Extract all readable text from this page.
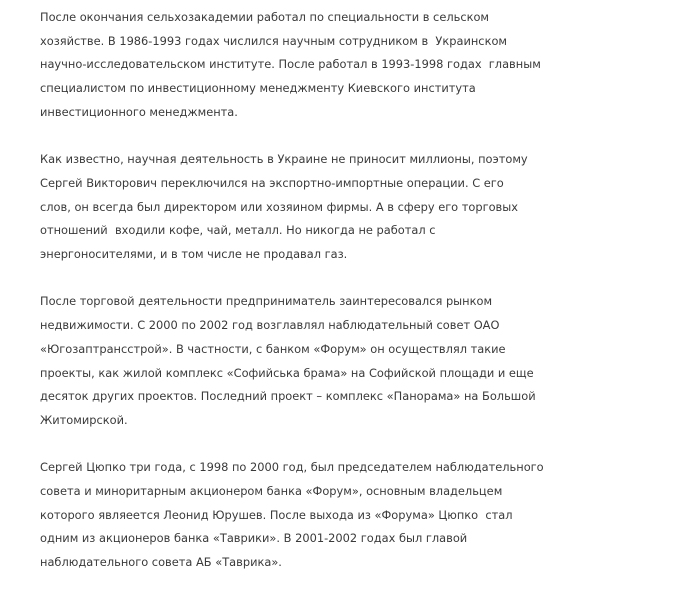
После окончания сельхозакадемии работал по специальности в сельском
хозяйстве. В 1986-1993 годах числился научным сотрудником в  Украинском
научно-исследовательском институте. После работал в 1993-1998 годах  главным
специалистом по инвестиционному менеджменту Киевского института
инвестиционного менеджмента.

Как известно, научная деятельность в Украине не приносит миллионы, поэтому
Сергей Викторович переключился на экспортно-импортные операции. С его
слов, он всегда был директором или хозяином фирмы. А в сферу его торговых
отношений  входили кофе, чай, металл. Но никогда не работал с
энергоносителями, и в том числе не продавал газ.

После торговой деятельности предприниматель заинтересовался рынком
недвижимости. С 2000 по 2002 год возглавлял наблюдательный совет ОАО
«Югозаптрансстрой». В частности, с банком «Форум» он осуществлял такие
проекты, как жилой комплекс «Софийська брама» на Софийской площади и еще
десяток других проектов. Последний проект – комплекс «Панорама» на Большой
Житомирской.

Сергей Цюпко три года, с 1998 по 2000 год, был председателем наблюдательного
совета и миноритарным акционером банка «Форум», основным владельцем
которого являеется Леонид Юрушев. После выхода из «Форума» Цюпко  стал
одним из акционеров банка «Таврики». В 2001-2002 годах был главой
наблюдательного совета АБ «Таврика».
